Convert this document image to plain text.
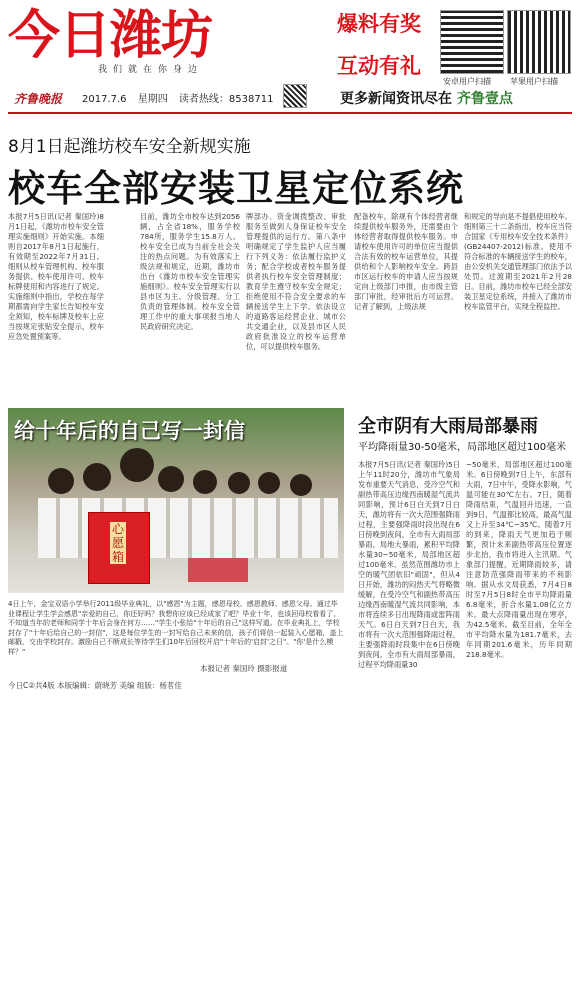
今日潍坊
我们就在你身边
齐鲁晚报 2017.7.6 星期四 读者热线：8538711
爆料有奖
互动有礼
安卓用户扫描 苹果用户扫描
更多新闻资讯尽在 齐鲁壹点
8月1日起潍坊校车安全新规实施
校车全部安装卫星定位系统
本报7月5日讯(记者 秦国玲)8月1日起，《潍坊市校车安全管理实施细则》开始实施。本细则自2017年8月1日起施行，有效期至2022年7月31日。细则从校车管理机构、校车服务提供、校车使用许可、校车标牌使用和内容进行了规定。实施细则中指出，学校在每学期都需向学生家长告知校车安全须知，校车标牌及校车上应当按规定张贴安全提示，校车应急处置预案等。
目前，潍坊全市校车达到2056辆，占全省18%，服务学校784所，服务学生15.8万人。校车安全已成为当前全社会关注的热点问题。为有效落实上级法规和规定，近期，潍坊市出台《潍坊市校车安全管理实施细则》。校车安全管理实行以县市区为主、分级管理、分工负责的管理体制。校车安全管理工作中的重大事项报当地人民政府研究决定。
牌部办、资金调拨整改、审批服务至做到人身保证校车安全管理提供的运行方。第八条中明确规定了学生监护人应当履行下列义务：依法履行监护义务；配合学校或者校车服务提供者执行校车安全管理制度；教育学生遵守校车安全规定；拒绝使用不符合安全要求的车辆接送学生上下学。依法设立的道路客运经营企业、城市公共交通企业，以及县市区人民政府批准设立的校车运营单位，可以提供校车服务。
配备校车。除规有个体经营者继续提供校车服务外，还需要由个体经营者取得提供校车服务。申请校车使用许可的单位应当提供合法有效的校车运营单位，其提供给和个人影响校车安全。跨县市区运行校车的申请人应当按规定向上级部门申报，由市级主管部门审批，经审批后方可运营。记者了解到，上级法规
和规定的导向是不提倡使用校车。细则第三十二条指出，校车应当符合国家《专用校车安全技术条件》(GB24407-2012)标准。使用不符合标准的车辆接送学生的校车，由公安机关交通管理部门依法予以处罚。过渡期至2021年2月28日。目前，潍坊市校车已经全部安装卫星定位系统，并接入了潍坊市校车监管平台，实现全程监控。
给十年后的自己写一封信
心愿箱
4日上午，金宝双语小学举行2011级毕业典礼，以"感恩"为主题，感恩母校、感恩教师、感恩父母。通过毕业课程让学生学会感恩"亲爱的自己，你还好吗？我想你应该已经成家了吧？毕业十年，也该回母校看看了，不知道当年的老师和同学十年后会身在何方……"学生小张给"十年后的自己"这样写道。在毕业典礼上，学校封存了"十年后给自己的一封信"，这是每位学生的一封写给自己未来的信，孩子们将信一起装入心愿箱，盖上邮戳，交由学校封存。激励自己不断成长等待学生们10年后回校开启"十年后的'启封'之日"。"你'是什么模样？"
本报记者 秦国玲 摄影报道
今日C②共4版 本版编辑：蔚晓芳 美编 组版：杨茗佳
全市阴有大雨局部暴雨
平均降雨量30-50毫米，局部地区超过100毫米
本报7月5日讯(记者 秦国玲)5日上午11时20分，潍坊市气象局发布重要天气消息，受冷空气和副热带高压边缘西南暖湿气流共同影响，预计6日白天到7日白天，潍坊将有一次大范围强降雨过程，主要强降雨时段出现在6日傍晚到夜间，全市有大雨局部暴雨，局地大暴雨，累积平均降水量30~50毫米，局部地区超过100毫米。虽然范围潍坊市上空的暖气团依旧"顽固"，但从4日开始，潍坊的闷热天气将略微缓解，在受冷空气和副热带高压边缘西南暖湿气流共同影响，本市将连续多日出现降雨或雷阵雨天气。6日白天到7日白天，我市将有一次大范围强降雨过程，主要强降雨时段集中在6日傍晚到夜间，全市有大雨局部暴雨，过程平均降雨量30
~50毫米，局部地区超过100毫米。6日傍晚到7日上午，东部有大雨，7日中午，受降水影响，气温可能在30℃左右。7日，随着降雨结束，气温回升迅速，一直到9日，气温都比较高，最高气温又上升至34℃~35℃。随着7月的到来，降雨天气更加趋于频繁，预计未来副热带高压位置逐步北抬，我市将进入主汛期。气象部门提醒，近期降雨较多，请注意防范强降雨带来的不利影响。据从水文局获悉，7月4日8时至7月5日8时全市平均降雨量6.8毫米，折合水量1.08亿立方米。最大点降雨量出现在寒亭，为42.5毫米。截至目前，全年全市平均降水量为181.7毫米，去年同期201.6毫米，历年同期218.8毫米。
